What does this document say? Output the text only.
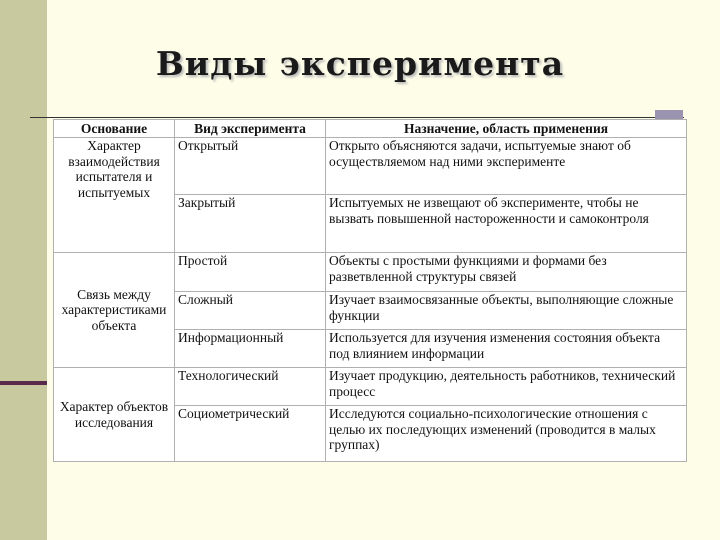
Виды эксперимента
Основание	Вид эксперимента	Назначение, область применения
Характер взаимодействия испытателя и испытуемых	Открытый	Открыто объясняются задачи, испытуемые знают об осуществляемом над ними эксперименте
	Закрытый	Испытуемых не извещают об эксперименте, чтобы не вызвать повышенной настороженности и самоконтроля
Связь между характеристиками объекта	Простой	Объекты с простыми функциями и формами без разветвленной структуры связей
	Сложный	Изучает взаимосвязанные объекты, выполняющие сложные функции
	Информационный	Используется для изучения изменения состояния объекта под влиянием информации
Характер объектов исследования	Технологический	Изучает продукцию, деятельность работников, технический процесс
	Социометрический	Исследуются социально-психологические отношения с целью их последующих изменений (проводится в малых группах)
